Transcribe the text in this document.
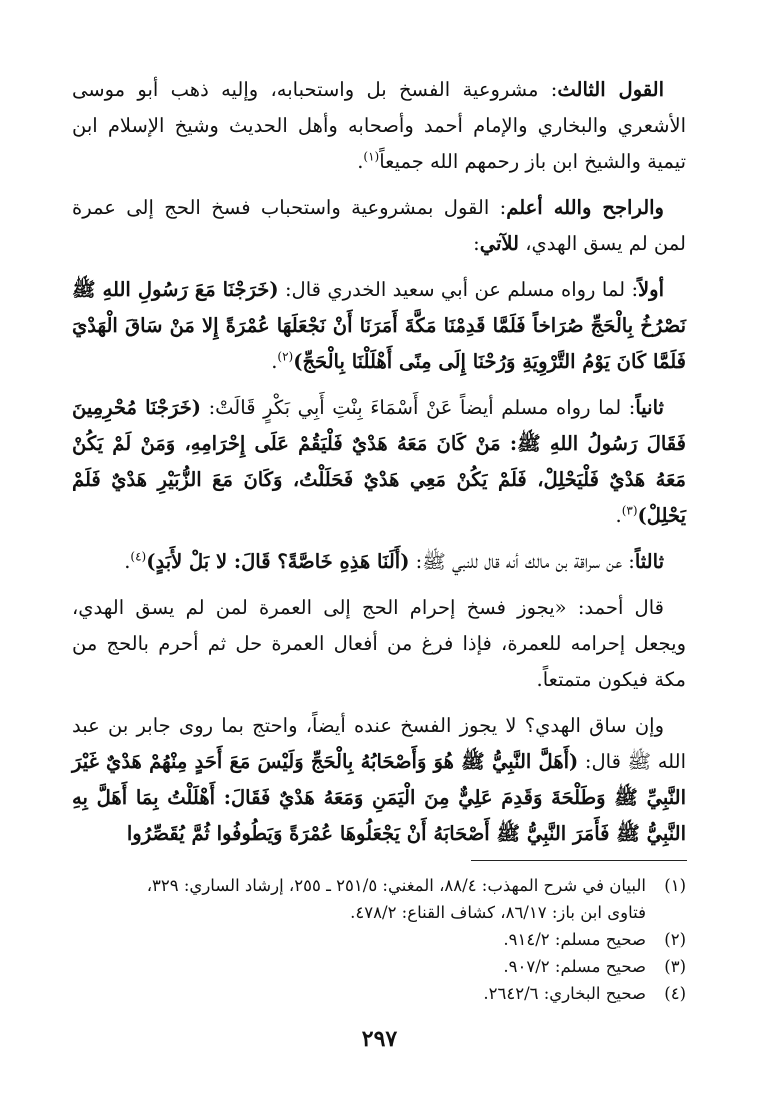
القول الثالث: مشروعية الفسخ بل واستحبابه، وإليه ذهب أبو موسى الأشعري والبخاري والإمام أحمد وأصحابه وأهل الحديث وشيخ الإسلام ابن تيمية والشيخ ابن باز رحمهم الله جميعاً$^{(١)}$.

والراجح والله أعلم: القول بمشروعية واستحباب فسخ الحج إلى عمرة لمن لم يسق الهدي، للآتي:

أولاً: لما رواه مسلم عن أبي سعيد الخدري قال: (خَرَجْنَا مَعَ رَسُولِ اللهِ ﷺ نَصْرُخُ بِالْحَجِّ صُرَاخاً فَلَمَّا قَدِمْنَا مَكَّةَ أَمَرَنَا أَنْ نَجْعَلَهَا عُمْرَةً إِلا مَنْ سَاقَ الْهَدْيَ فَلَمَّا كَانَ يَوْمُ التَّرْوِيَةِ وَرُحْنَا إِلَى مِنًى أَهْلَلْنَا بِالْحَجِّ)$^{(٢)}$.

ثانياً: لما رواه مسلم أيضاً عَنْ أَسْمَاءَ بِنْتِ أَبِي بَكْرٍ قَالَتْ: (خَرَجْنَا مُحْرِمِينَ فَقَالَ رَسُولُ اللهِ ﷺ: مَنْ كَانَ مَعَهُ هَدْيٌ فَلْيَقُمْ عَلَى إِحْرَامِهِ، وَمَنْ لَمْ يَكُنْ مَعَهُ هَدْيٌ فَلْيَحْلِلْ، فَلَمْ يَكُنْ مَعِي هَدْيٌ فَحَلَلْتُ، وَكَانَ مَعَ الزُّبَيْرِ هَدْيٌ فَلَمْ يَحْلِلْ)$^{(٣)}$.

ثالثاً: عن سراقة بن مالك أنه قال للنبي ﷺ: (أَلَنَا هَذِهِ خَاصَّةً؟ قَالَ: لا بَلْ لأَبَدٍ)$^{(٤)}$.

قال أحمد: «يجوز فسخ إحرام الحج إلى العمرة لمن لم يسق الهدي، ويجعل إحرامه للعمرة، فإذا فرغ من أفعال العمرة حل ثم أحرم بالحج من مكة فيكون متمتعاً.

وإن ساق الهدي؟ لا يجوز الفسخ عنده أيضاً، واحتج بما روى جابر بن عبد الله ﷺ قال: (أَهَلَّ النَّبِيُّ ﷺ هُوَ وَأَصْحَابُهُ بِالْحَجِّ وَلَيْسَ مَعَ أَحَدٍ مِنْهُمْ هَدْيٌ غَيْرَ النَّبِيِّ ﷺ وَطَلْحَةَ وَقَدِمَ عَلِيٌّ مِنَ الْيَمَنِ وَمَعَهُ هَدْيٌ فَقَالَ: أَهْلَلْتُ بِمَا أَهَلَّ بِهِ النَّبِيُّ ﷺ فَأَمَرَ النَّبِيُّ ﷺ أَصْحَابَهُ أَنْ يَجْعَلُوهَا عُمْرَةً وَيَطُوفُوا ثُمَّ يُقَصِّرُوا

(١)
البيان في شرح المهذب: ٨٨/٤، المغني: ٢٥١/٥ ـ ٢٥٥، إرشاد الساري: ٣٢٩،
فتاوى ابن باز: ٨٦/١٧، كشاف القناع: ٤٧٨/٢.

(٢)
صحيح مسلم: ٩١٤/٢.

(٣)
صحيح مسلم: ٩٠٧/٢.

(٤)
صحيح البخاري: ٢٦٤٢/٦.

٢٩٧
